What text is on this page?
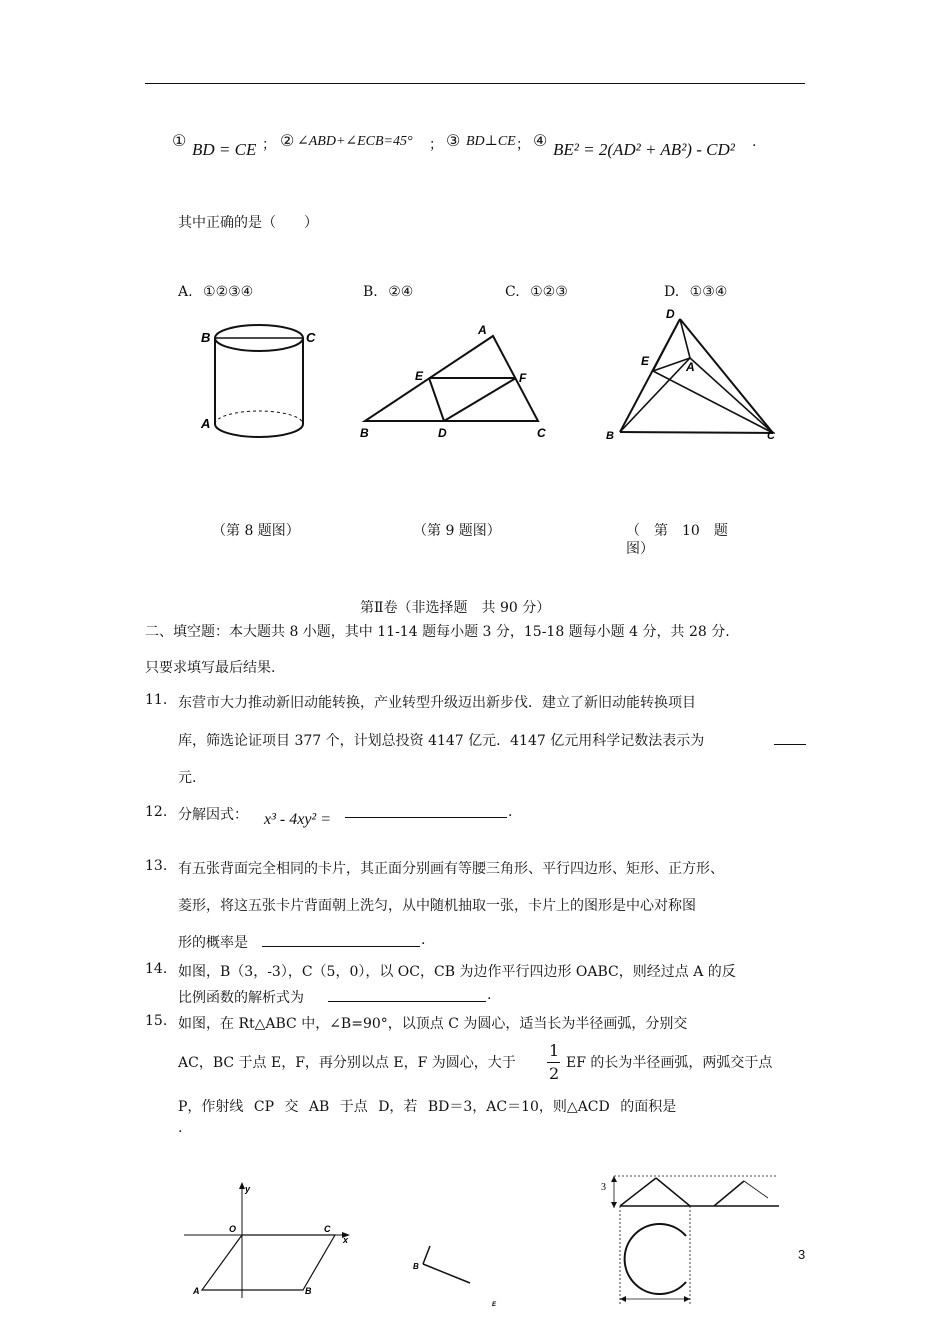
① BD = CE ； ② ∠ABD+∠ECB=45° ； ③ BD⊥CE ； ④ BE² = 2(AD² + AB²) - CD² .
其中正确的是（　　）
A. ①②③④	B. ②④	C. ①②③	D. ①③④
B	C
A
A
E	F
B	D	C
D
E	A
B	C
（第 8 题图）	（第 9 题图）	（　第　10　题
图）
第Ⅱ卷（非选择题　共 90 分）
二、填空题：本大题共 8 小题，其中 11-14 题每小题 3 分，15-18 题每小题 4 分，共 28 分.
只要求填写最后结果.
11. 东营市大力推动新旧动能转换，产业转型升级迈出新步伐．建立了新旧动能转换项目
库，筛选论证项目 377 个，计划总投资 4147 亿元．4147 亿元用科学记数法表示为
元.
12. 分解因式： x³ - 4xy² =	.
13. 有五张背面完全相同的卡片，其正面分别画有等腰三角形、平行四边形、矩形、正方形、
菱形，将这五张卡片背面朝上洗匀，从中随机抽取一张，卡片上的图形是中心对称图
形的概率是	.
14. 如图，B（3，-3），C（5，0），以 OC，CB 为边作平行四边形 OABC，则经过点 A 的反
比例函数的解析式为	.
15. 如图，在 Rt△ABC 中，∠B=90°，以顶点 C 为圆心，适当长为半径画弧，分别交
AC，BC 于点 E，F，再分别以点 E，F 为圆心，大于
1
2
EF 的长为半径画弧，两弧交于点
P，作射线 CP 交 AB 于点 D，若 BD＝3，AC＝10，则△ACD 的面积是
.
y
O	C
x
A	B
B
E
3
3
